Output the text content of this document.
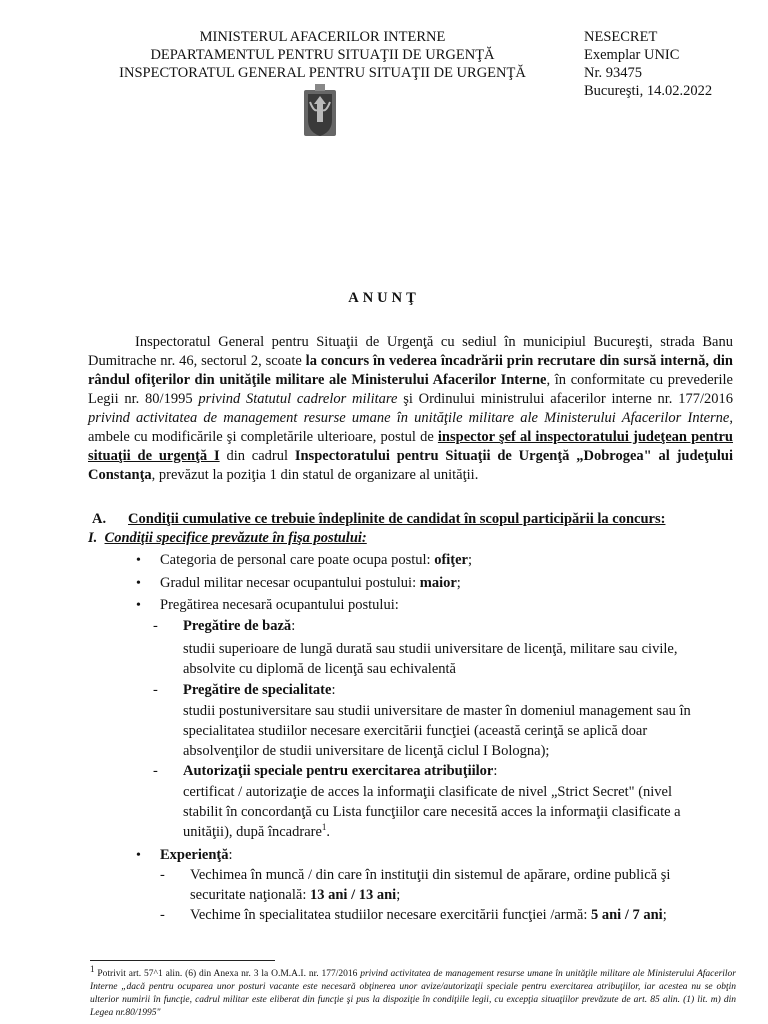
MINISTERUL AFACERILOR INTERNE
DEPARTAMENTUL PENTRU SITUAŢII DE URGENŢĂ
INSPECTORATUL GENERAL PENTRU SITUAŢII DE URGENŢĂ
NESECRET
Exemplar UNIC
Nr. 93475
Bucureşti, 14.02.2022
ANUNŢ

Inspectoratul General pentru Situaţii de Urgenţă cu sediul în municipiul Bucureşti, strada Banu Dumitrache nr. 46, sectorul 2, scoate la concurs în vederea încadrării prin recrutare din sursă internă, din rândul ofiţerilor din unităţile militare ale Ministerului Afacerilor Interne, în conformitate cu prevederile Legii nr. 80/1995 privind Statutul cadrelor militare şi Ordinului ministrului afacerilor interne nr. 177/2016 privind activitatea de management resurse umane în unităţile militare ale Ministerului Afacerilor Interne, ambele cu modificările şi completările ulterioare, postul de inspector şef al inspectoratului judeţean pentru situaţii de urgenţă I din cadrul Inspectoratului pentru Situaţii de Urgenţă „Dobrogea" al judeţului Constanţa, prevăzut la poziţia 1 din statul de organizare al unităţii.

A. Condiţii cumulative ce trebuie îndeplinite de candidat în scopul participării la concurs:
I. Condiţii specifice prevăzute în fişa postului:
• Categoria de personal care poate ocupa postul: ofiţer;
• Gradul militar necesar ocupantului postului: maior;
• Pregătirea necesară ocupantului postului:
- Pregătire de bază:
studii superioare de lungă durată sau studii universitare de licenţă, militare sau civile,
absolvite cu diplomă de licenţă sau echivalentă
- Pregătire de specialitate:
studii postuniversitare sau studii universitare de master în domeniul management sau în
specialitatea studiilor necesare exercitării funcţiei (această cerinţă se aplică doar
absolvenţilor de studii universitare de licenţă ciclul I Bologna);
- Autorizaţii speciale pentru exercitarea atribuţiilor:
certificat / autorizaţie de acces la informaţii clasificate de nivel „Strict Secret" (nivel
stabilit în concordanţă cu Lista funcţiilor care necesită acces la informaţii clasificate a
unităţii), după încadrare$^1$.
• Experienţă:
- Vechimea în muncă / din care în instituţii din sistemul de apărare, ordine publică şi
securitate naţională: 13 ani / 13 ani;
- Vechime în specialitatea studiilor necesare exercitării funcţiei /armă: 5 ani / 7 ani;

$^1$ Potrivit art. 57^1 alin. (6) din Anexa nr. 3 la O.M.A.I. nr. 177/2016 privind activitatea de management resurse umane în unităţile militare ale Ministerului Afacerilor Interne „dacă pentru ocuparea unor posturi vacante este necesară obţinerea unor avize/autorizaţii speciale pentru exercitarea atribuţiilor, iar acestea nu se obţin ulterior numirii în funcţie, cadrul militar este eliberat din funcţie şi pus la dispoziţie în condiţiile legii, cu excepţia situaţiilor prevăzute de art. 85 alin. (1) lit. m) din Legea nr.80/1995"
